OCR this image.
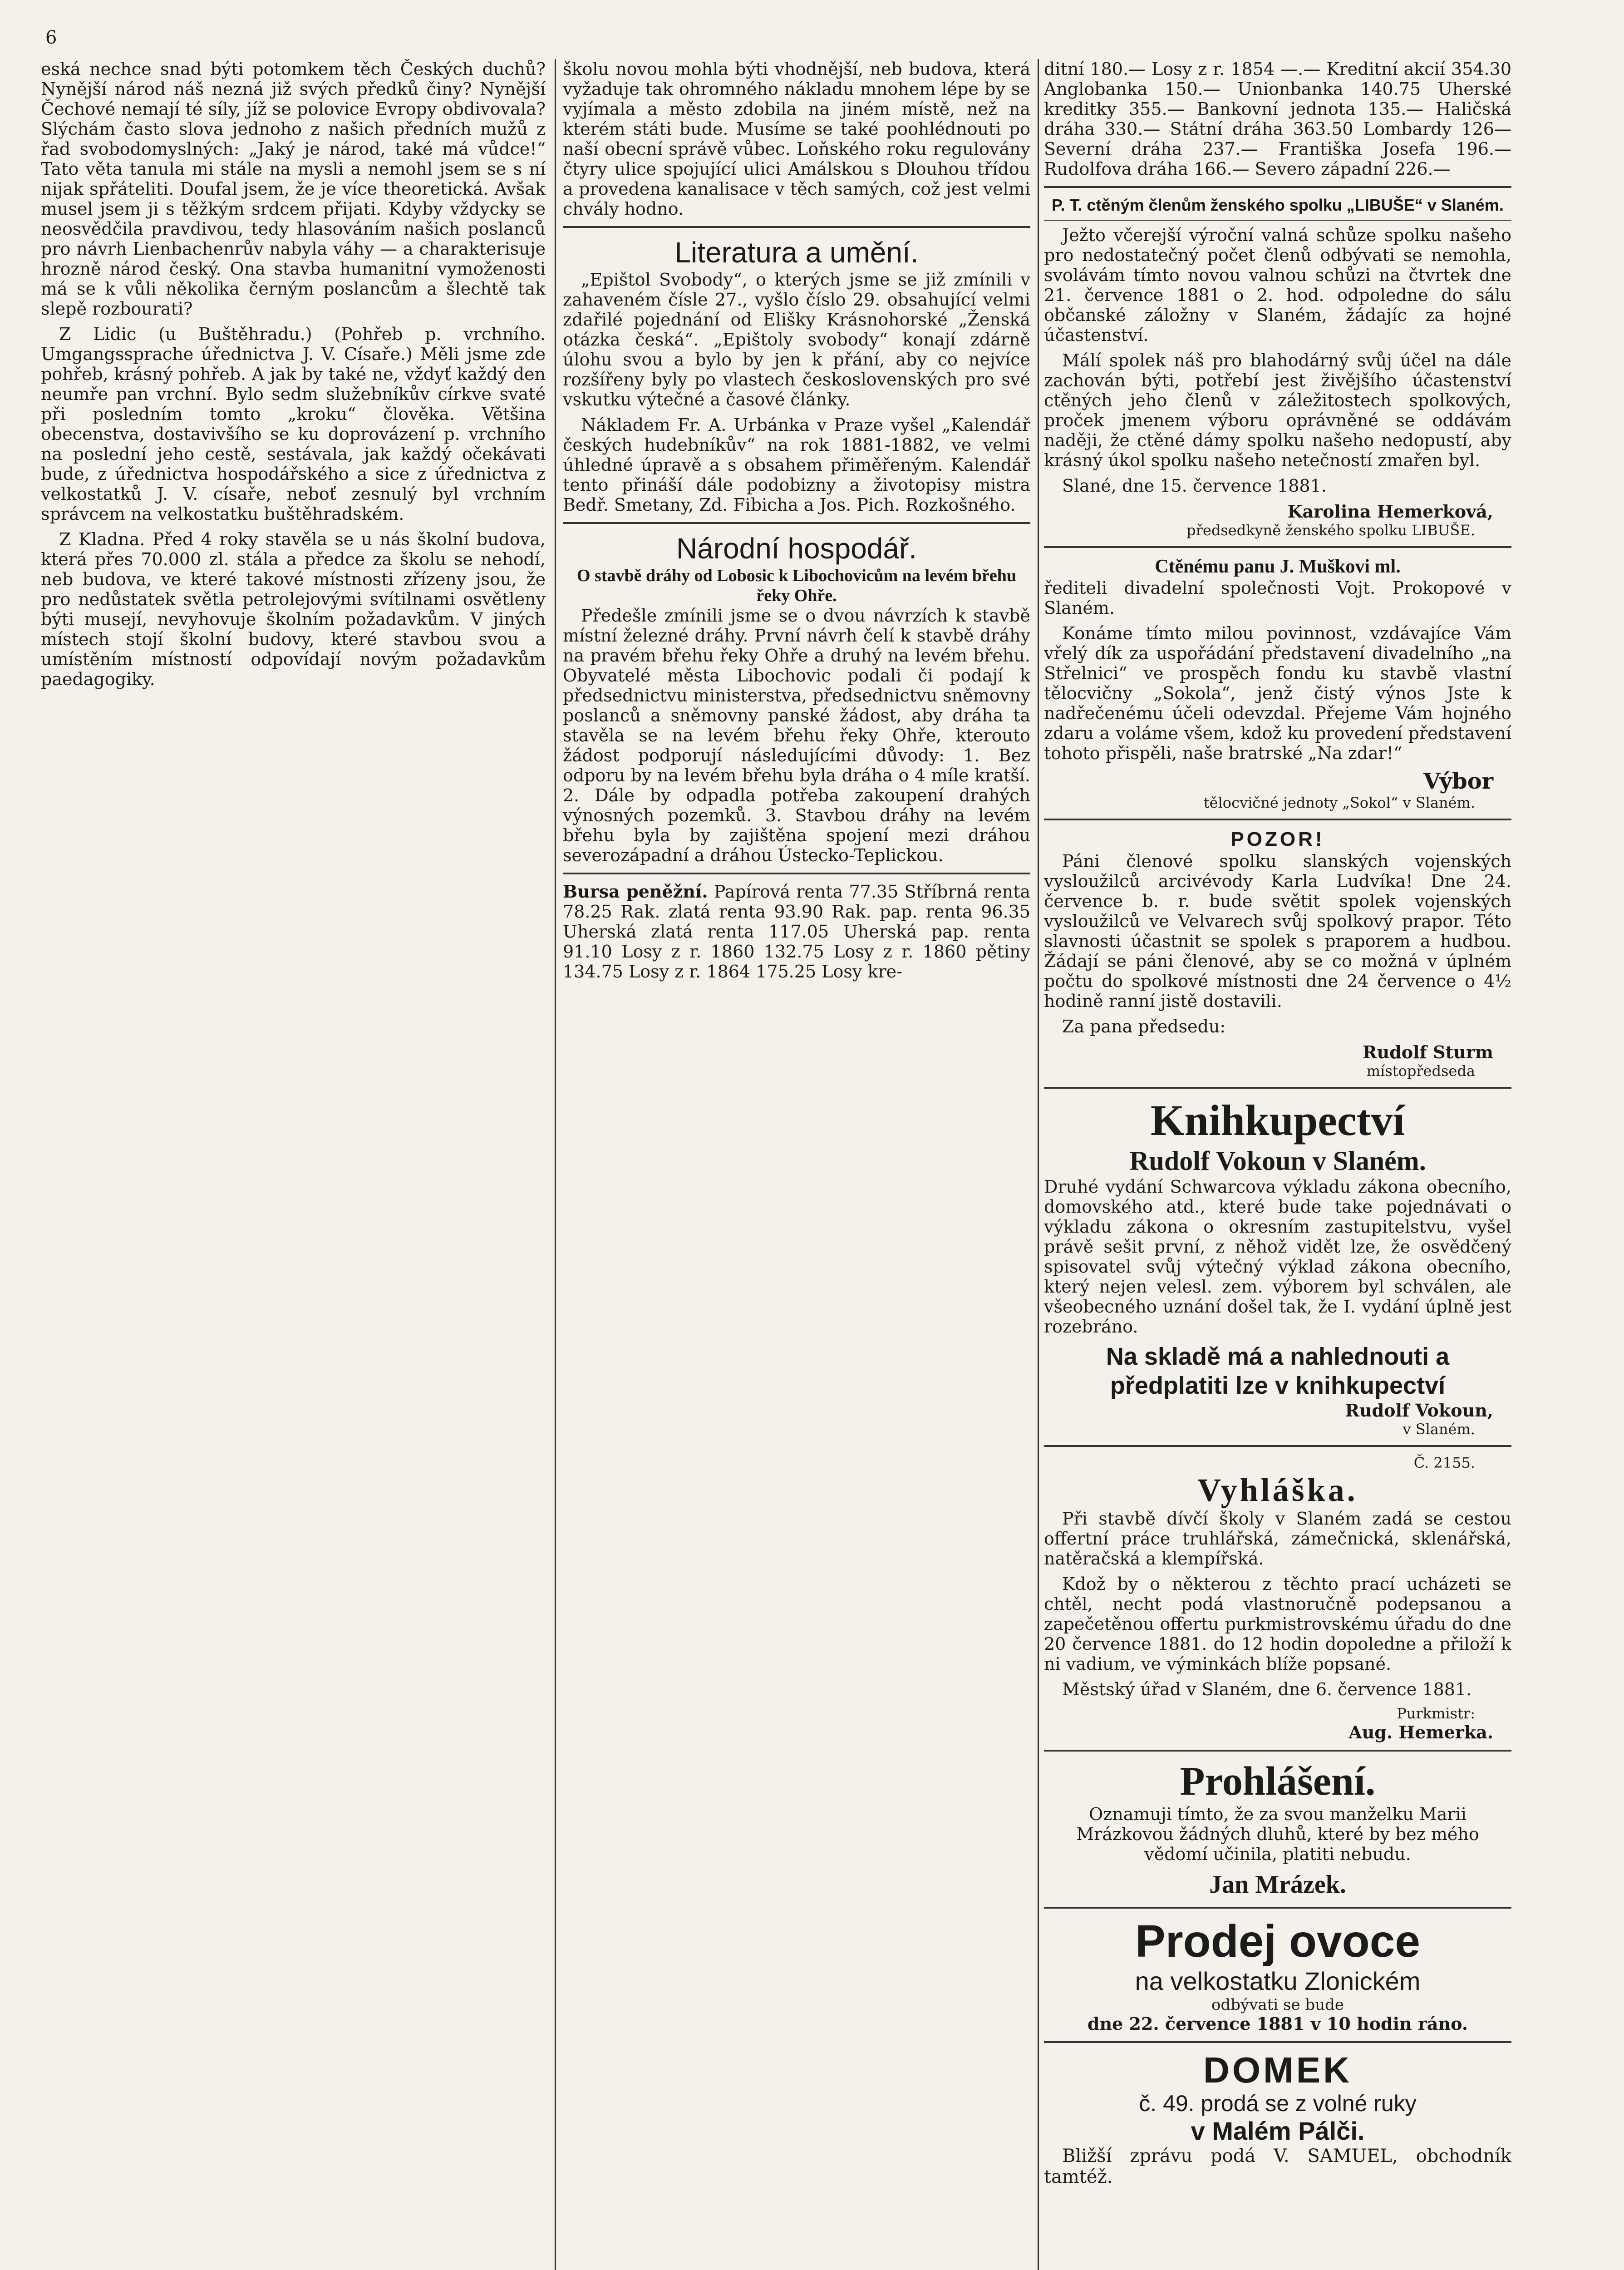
6

eská nechce snad býti potomkem těch Českých duchů? Nynější národ náš nezná již svých předků činy? Nynější Čechové nemají té síly, jíž se polovice Evropy obdivovala? Slýchám často slova jednoho z našich předních mužů z řad svobodomyslných: „Jaký je národ, také má vůdce!“ Tato věta tanula mi stále na mysli a nemohl jsem se s ní nijak spřáteliti. Doufal jsem, že je více theoretická. Avšak musel jsem ji s těžkým srdcem přijati. Kdyby vždycky se neosvědčila pravdivou, tedy hlasováním našich poslanců pro návrh Lienbachenrův nabyla váhy — a charakterisuje hrozně národ český. Ona stavba humanitní vymoženosti má se k vůli několika černým poslancům a šlechtě tak slepě rozbourati?

Z Lidic (u Buštěhradu.) (Pohřeb p. vrchního. Umgangssprache úřednictva J. V. Císaře.) Měli jsme zde pohřeb, krásný pohřeb. A jak by také ne, vždyť každý den neumře pan vrchní. Bylo sedm služebníkův církve svaté při posledním tomto „kroku“ člověka. Většina obecenstva, dostavivšího se ku doprovázení p. vrchního na poslední jeho cestě, sestávala, jak každý očekávati bude, z úřednictva hospodářského a sice z úřednictva z velkostatků J. V. císaře, neboť zesnulý byl vrchním správcem na velkostatku buštěhradském.

Z Kladna. Před 4 roky stavěla se u nás školní budova, která přes 70.000 zl. stála a předce za školu se nehodí, neb budova, ve které takové místnosti zřízeny jsou, že pro nedůstatek světla petrolejovými svítilnami osvětleny býti musejí, nevyhovuje školním požadavkům. V jiných místech stojí školní budovy, které stavbou svou a umístěním místností odpovídají novým požadavkům paedagogiky.

školu novou mohla býti vhodnější, neb budova, která vyžaduje tak ohromného nákladu mnohem lépe by se vyjímala a město zdobila na jiném místě, než na kterém státi bude. Musíme se také poohlédnouti po naší obecní správě vůbec. Loňského roku regulovány čtyry ulice spojující ulici Amálskou s Dlouhou třídou a provedena kanalisace v těch samých, což jest velmi chvály hodno.

Literatura a umění.

„Epištol Svobody“, o kterých jsme se již zmínili v zahaveném čísle 27., vyšlo číslo 29. obsahující velmi zdařilé pojednání od Elišky Krásnohorské „Ženská otázka česká“. „Epištoly svobody“ konají zdárně úlohu svou a bylo by jen k přání, aby co nejvíce rozšířeny byly po vlastech československých pro své vskutku výtečné a časové články.

Nákladem Fr. A. Urbánka v Praze vyšel „Kalendář českých hudebníkův“ na rok 1881-1882, ve velmi úhledné úpravě a s obsahem přiměřeným. Kalendář tento přináší dále podobizny a životopisy mistra Bedř. Smetany, Zd. Fibicha a Jos. Pich. Rozkošného.

Národní hospodář.
O stavbě dráhy od Lobosic k Libochovicům na levém břehu řeky Ohře.

Předešle zmínili jsme se o dvou návrzích k stavbě místní železné dráhy. První návrh čelí k stavbě dráhy na pravém břehu řeky Ohře a druhý na levém břehu. Obyvatelé města Libochovic podali či podají k předsednictvu ministerstva, předsednictvu sněmovny poslanců a sněmovny panské žádost, aby dráha ta stavěla se na levém břehu řeky Ohře, kterouto žádost podporují následujícími důvody: 1. Bez odporu by na levém břehu byla dráha o 4 míle kratší. 2. Dále by odpadla potřeba zakoupení drahých výnosných pozemků. 3. Stavbou dráhy na levém břehu byla by zajištěna spojení mezi dráhou severozápadní a dráhou Ústecko-Teplickou.

Bursa peněžní. Papírová renta 77.35 Stříbrná renta 78.25 Rak. zlatá renta 93.90 Rak. pap. renta 96.35 Uherská zlatá renta 117.05 Uherská pap. renta 91.10 Losy z r. 1860 132.75 Losy z r. 1860 pětiny 134.75 Losy z r. 1864 175.25 Losy kre-

ditní 180.— Losy z r. 1854 —.— Kreditní akcií 354.30 Anglobanka 150.— Unionbanka 140.75 Uherské kreditky 355.— Bankovní jednota 135.— Haličská dráha 330.— Státní dráha 363.50 Lombardy 126— Severní dráha 237.— Františka Josefa 196.— Rudolfova dráha 166.— Severo západní 226.—

P. T. ctěným členům ženského spolku „LIBUŠE“ v Slaném.

Ježto včerejší výroční valná schůze spolku našeho pro nedostatečný počet členů odbývati se nemohla, svolávám tímto novou valnou schůzi na čtvrtek dne 21. července 1881 o 2. hod. odpoledne do sálu občanské záložny v Slaném, žádajíc za hojné účastenství.

Málí spolek náš pro blahodárný svůj účel na dále zachován býti, potřebí jest živějšího účastenství ctěných jeho členů v záležitostech spolkových, proček jmenem výboru oprávněné se oddávám naději, že ctěné dámy spolku našeho nedopustí, aby krásný úkol spolku našeho netečností zmařen byl.

Slané, dne 15. července 1881.

Karolina Hemerková,
předsedkyně ženského spolku LIBUŠE.
Ctěnému panu J. Muškovi ml.

řediteli divadelní společnosti Vojt. Prokopové v Slaném.

Konáme tímto milou povinnost, vzdávajíce Vám vřelý dík za uspořádání představení divadelního „na Střelnici“ ve prospěch fondu ku stavbě vlastní tělocvičny „Sokola“, jenž čistý výnos Jste k nadřečenému účeli odevzdal. Přejeme Vám hojného zdaru a voláme všem, kdož ku provedení představení tohoto přispěli, naše bratrské „Na zdar!“

Výbor
tělocvičné jednoty „Sokol“ v Slaném.
POZOR!

Páni členové spolku slanských vojenských vysloužilců arcivévody Karla Ludvíka! Dne 24. července b. r. bude světit spolek vojenských vysloužilců ve Velvarech svůj spolkový prapor. Této slavnosti účastnit se spolek s praporem a hudbou. Žádají se páni členové, aby se co možná v úplném počtu do spolkové místnosti dne 24 července o 4½ hodině ranní jistě dostavili.

Za pana předsedu:

Rudolf Sturm
místopředseda
Knihkupectví
Rudolf Vokoun v Slaném.

Druhé vydání Schwarcova výkladu zákona obecního, domovského atd., které bude take pojednávati o výkladu zákona o okresním zastupitelstvu, vyšel právě sešit první, z něhož vidět lze, že osvědčený spisovatel svůj výtečný výklad zákona obecního, který nejen velesl. zem. výborem byl schválen, ale všeobecného uznání došel tak, že I. vydání úplně jest rozebráno.

Na skladě má a nahlednouti a předplatiti lze v knihkupectví
Rudolf Vokoun,
v Slaném.
Č. 2155.
Vyhláška.

Při stavbě dívčí školy v Slaném zadá se cestou offertní práce truhlářská, zámečnická, sklenářská, natěračská a klempířská.

Kdož by o některou z těchto prací ucházeti se chtěl, necht podá vlastnoručně podepsanou a zapečetěnou offertu purkmistrovskému úřadu do dne 20 července 1881. do 12 hodin dopoledne a přiloží k ni vadium, ve výminkách blíže popsané.

Městský úřad v Slaném, dne 6. července 1881.

Purkmistr:
Aug. Hemerka.
Prohlášení.

Oznamuji tímto, že za svou manželku Marii Mrázkovou žádných dluhů, které by bez mého vědomí učinila, platiti nebudu.

Jan Mrázek.
Prodej ovoce
na velkostatku Zlonickém
odbývati se bude
dne 22. července 1881 v 10 hodin ráno.
DOMEK
č. 49. prodá se z volné ruky
v Malém Pálči.

Bližší zprávu podá V. SAMUEL, obchodník tamtéž.
